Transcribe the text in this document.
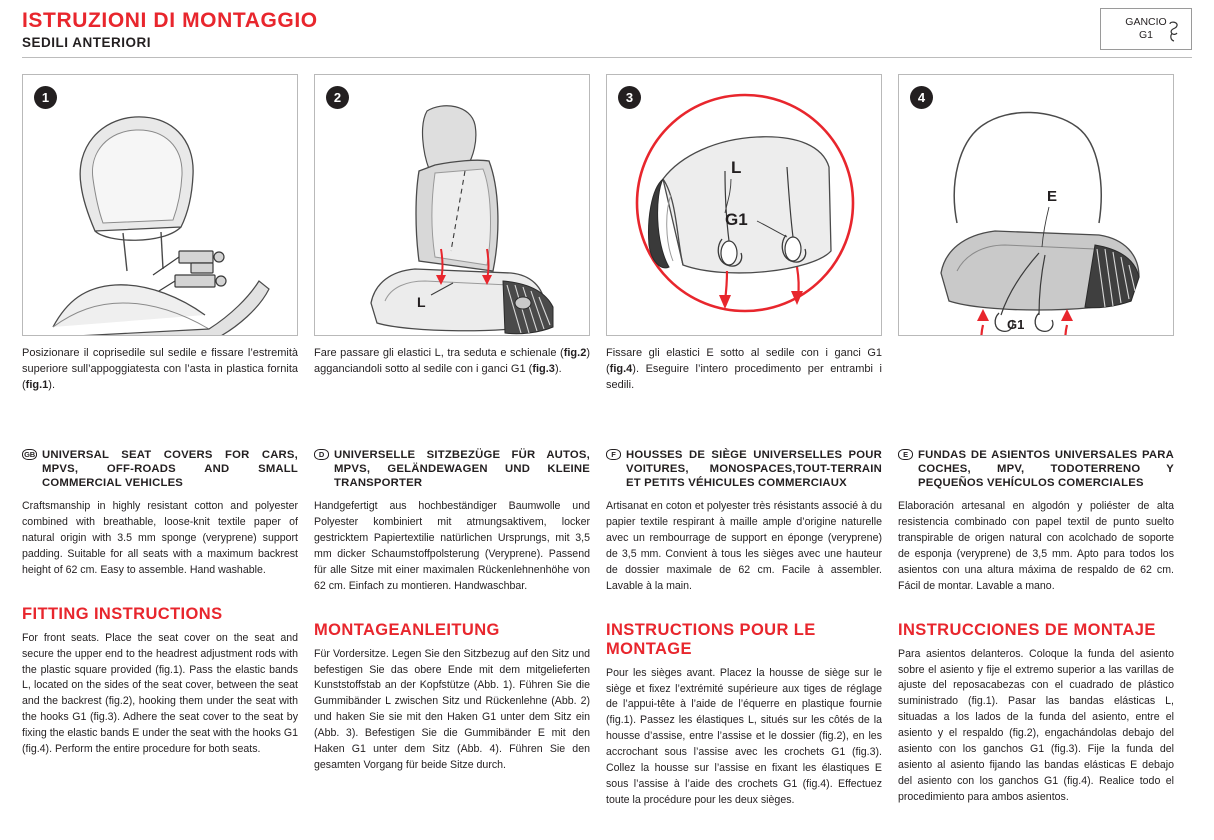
ISTRUZIONI DI MONTAGGIO
SEDILI ANTERIORI
GANCIO
G1
1
Posizionare il coprisedile sul sedile e fissare l’estremità superiore sull’appoggiatesta con l’asta in plastica fornita (fig.1).
2
L
Fare passare gli elastici L, tra seduta e schienale (fig.2) agganciandoli sotto al sedile con i ganci G1 (fig.3).
3
L
G1
Fissare gli elastici E sotto al sedile con i ganci G1 (fig.4). Eseguire l’intero procedimento per entrambi i sedili.
4
E
G1
GB UNIVERSAL SEAT COVERS FOR CARS, MPVS, OFF-ROADS AND SMALL COMMERCIAL VEHICLES
Craftsmanship in highly resistant cotton and polyester combined with breathable, loose-knit textile paper of natural origin with 3.5 mm sponge (veryprene) support padding. Suitable for all seats with a maximum backrest height of 62 cm. Easy to assemble. Hand washable.
FITTING INSTRUCTIONS
For front seats. Place the seat cover on the seat and secure the upper end to the headrest adjustment rods with the plastic square provided (fig.1). Pass the elastic bands L, located on the sides of the seat cover, between the seat and the backrest (fig.2), hooking them under the seat with the hooks G1 (fig.3). Adhere the seat cover to the seat by fixing the elastic bands E under the seat with the hooks G1 (fig.4). Perform the entire procedure for both seats.
D UNIVERSELLE SITZBEZÜGE FÜR AUTOS, MPVS, GELÄNDEWAGEN UND KLEINE TRANSPORTER
Handgefertigt aus hochbeständiger Baumwolle und Polyester kombiniert mit atmungsaktivem, locker gestricktem Papiertextilie natürlichen Ursprungs, mit 3,5 mm dicker Schaumstoffpolsterung (Veryprene). Passend für alle Sitze mit einer maximalen Rückenlehnenhöhe von 62 cm. Einfach zu montieren. Handwaschbar.
MONTAGEANLEITUNG
Für Vordersitze. Legen Sie den Sitzbezug auf den Sitz und befestigen Sie das obere Ende mit dem mitgelieferten Kunststoffstab an der Kopfstütze (Abb. 1). Führen Sie die Gummibänder L zwischen Sitz und Rückenlehne (Abb. 2) und haken Sie sie mit den Haken G1 unter dem Sitz ein (Abb. 3). Befestigen Sie die Gummibänder E mit den Haken G1 unter dem Sitz (Abb. 4). Führen Sie den gesamten Vorgang für beide Sitze durch.
F HOUSSES DE SIÈGE UNIVERSELLES POUR VOITURES, MONOSPACES,TOUT-TERRAIN ET PETITS VÉHICULES COMMERCIAUX
Artisanat en coton et polyester très résistants associé à du papier textile respirant à maille ample d’origine naturelle avec un rembourrage de support en éponge (veryprene) de 3,5 mm. Convient à tous les sièges avec une hauteur de dossier maximale de 62 cm. Facile à assembler. Lavable à la main.
INSTRUCTIONS POUR LE MONTAGE
Pour les sièges avant. Placez la housse de siège sur le siège et fixez l’extrémité supérieure aux tiges de réglage de l’appui-tête à l’aide de l’équerre en plastique fournie (fig.1). Passez les élastiques L, situés sur les côtés de la housse d’assise, entre l’assise et le dossier (fig.2), en les accrochant sous l’assise avec les crochets G1 (fig.3). Collez la housse sur l’assise en fixant les élastiques E sous l’assise à l’aide des crochets G1 (fig.4). Effectuez toute la procédure pour les deux sièges.
E FUNDAS DE ASIENTOS UNIVERSALES PARA COCHES, MPV, TODOTERRENO Y PEQUEÑOS VEHÍCULOS COMERCIALES
Elaboración artesanal en algodón y poliéster de alta resistencia combinado con papel textil de punto suelto transpirable de origen natural con acolchado de soporte de esponja (veryprene) de 3,5 mm. Apto para todos los asientos con una altura máxima de respaldo de 62 cm. Fácil de montar. Lavable a mano.
INSTRUCCIONES DE MONTAJE
Para asientos delanteros. Coloque la funda del asiento sobre el asiento y fije el extremo superior a las varillas de ajuste del reposacabezas con el cuadrado de plástico suministrado (fig.1). Pasar las bandas elásticas L, situadas a los lados de la funda del asiento, entre el asiento y el respaldo (fig.2), engachándolas debajo del asiento con los ganchos G1 (fig.3). Fije la funda del asiento al asiento fijando las bandas elásticas E debajo del asiento con los ganchos G1 (fig.4). Realice todo el procedimiento para ambos asientos.
